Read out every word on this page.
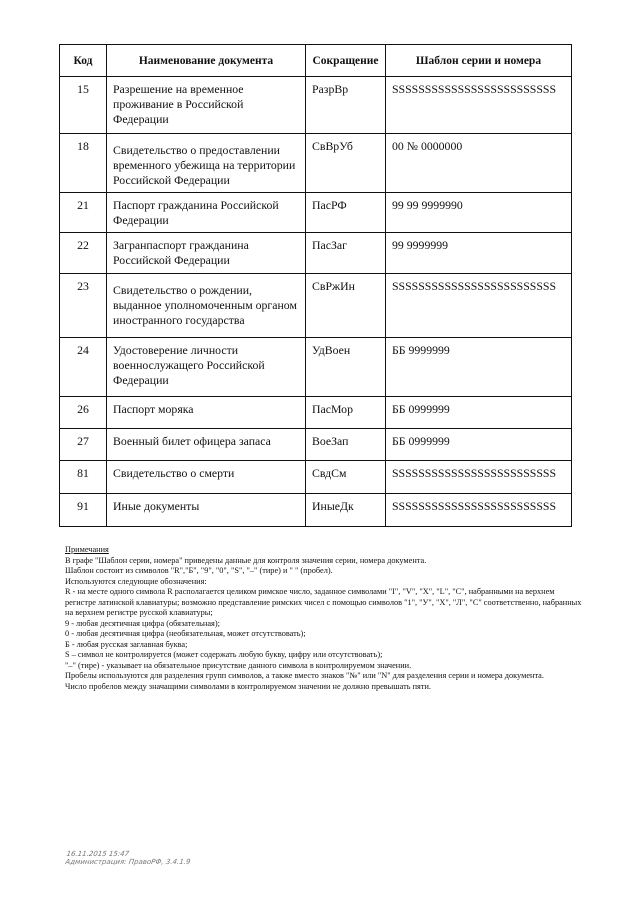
Код	Наименование документа	Сокращение	Шаблон серии и номера
15	Разрешение на временное проживание в Российской Федерации	РазрВр	SSSSSSSSSSSSSSSSSSSSSSSSS
18	Свидетельство о предоставлении временного убежища на территории Российской Федерации	СвВрУб	00 № 0000000
21	Паспорт гражданина Российской Федерации	ПасРФ	99 99 9999990
22	Загранпаспорт гражданина Российской Федерации	ПасЗаг	99 9999999
23	Свидетельство о рождении, выданное уполномоченным органом иностранного государства	СвРжИн	SSSSSSSSSSSSSSSSSSSSSSSSS
24	Удостоверение личности военнослужащего Российской Федерации	УдВоен	ББ 9999999
26	Паспорт моряка	ПасМор	ББ 0999999
27	Военный билет офицера запаса	ВоеЗап	ББ 0999999
81	Свидетельство о смерти	СвдСм	SSSSSSSSSSSSSSSSSSSSSSSSS
91	Иные документы	ИныеДк	SSSSSSSSSSSSSSSSSSSSSSSSS

Примечания

В графе "Шаблон серии, номера" приведены данные для контроля значения серии, номера документа.

Шаблон состоит из символов "R","Б", "9", "0", "S", "–" (тире) и " " (пробел).

Используются следующие обозначения:

R - на месте одного символа R располагается целиком римское число, заданное символами "I", "V", "X", "L", "C", набранными на верхнем регистре латинской клавиатуры; возможно представление римских чисел с помощью символов "1", "У", "Х", "Л", "С" соответственно, набранных на верхнем регистре русской клавиатуры;

9 - любая десятичная цифра (обязательная);

0 - любая десятичная цифра (необязательная, может отсутствовать);

Б - любая русская заглавная буква;

S – символ не контролируется (может содержать любую букву, цифру или отсутствовать);

"–" (тире) - указывает на обязательное присутствие данного символа в контролируемом значении.

Пробелы используются для разделения групп символов, а также вместо знаков "№" или "N" для разделения серии и номера документа.

Число пробелов между значащими символами в контролируемом значении не должно превышать пяти.

16.11.2015 15:47
Администрация: ПравоРФ, 3.4.1.9
